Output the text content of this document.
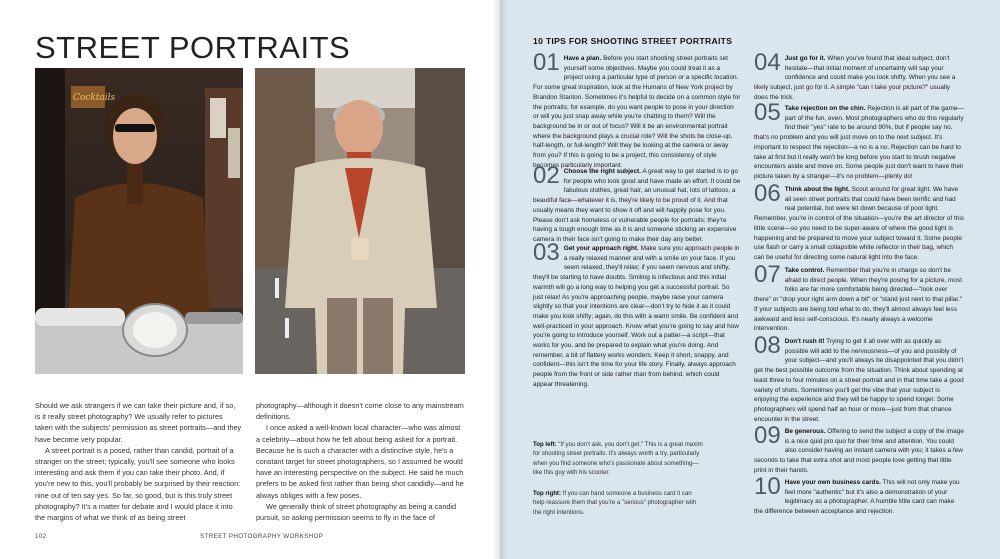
STREET PORTRAITS
Cocktails

Should we ask strangers if we can take their picture and, if so, is it really street photography? We usually refer to pictures taken with the subjects' permission as street portraits—and they have become very popular.

A street portrait is a posed, rather than candid, portrait of a stranger on the street; typically, you'll see someone who looks interesting and ask them if you can take their photo. And, if you're new to this, you'll probably be surprised by their reaction: nine out of ten say yes. So far, so good, but is this truly street photography? It's a matter for debate and I would place it into the margins of what we think of as being street

photography—although it doesn't come close to any mainstream definitions.

I once asked a well-known local character—who was almost a celebrity—about how he felt about being asked for a portrait. Because he is such a character with a distinctive style, he's a constant target for street photographers, so I assumed he would have an interesting perspective on the subject. He said he much prefers to be asked first rather than being shot candidly—and he always obliges with a few poses.

We generally think of street photography as being a candid pursuit, so asking permission seems to fly in the face of

102	STREET PHOTOGRAPHY WORKSHOP
10 TIPS FOR SHOOTING STREET PORTRAITS
01 Have a plan. Before you start shooting street portraits set yourself some objectives. Maybe you could treat it as a project using a particular type of person or a specific location. For some great inspiration, look at the Humans of New York project by Brandon Stanton. Sometimes it's helpful to decide on a common style for the portraits; for example, do you want people to pose in your direction or will you just snap away while you're chatting to them? Will the background be in or out of focus? Will it be an environmental portrait where the background plays a crucial role? Will the shots be close-up, half-length, or full-length? Will they be looking at the camera or away from you? If this is going to be a project, this consistency of style becomes particularly important.
02 Choose the right subject. A great way to get started is to go for people who look good and have made an effort. It could be fabulous clothes, great hair, an unusual hat, lots of tattoos, a beautiful face—whatever it is, they're likely to be proud of it. And that usually means they want to show it off and will happily pose for you. Please don't ask homeless or vulnerable people for portraits; they're having a tough enough time as it is and someone sticking an expensive camera in their face isn't going to make their day any better.
03 Get your approach right. Make sure you approach people in a really relaxed manner and with a smile on your face. If you seem relaxed, they'll relax; if you seem nervous and shifty, they'll be starting to have doubts. Smiling is infectious and this initial warmth will go a long way to helping you get a successful portrait. So just relax! As you're approaching people, maybe raise your camera slightly so that your intentions are clear—don't try to hide it as it could make you look shifty; again, do this with a warm smile. Be confident and well-practiced in your approach. Know what you're going to say and how you're going to introduce yourself. Work out a patter—a script—that works for you, and be prepared to explain what you're doing. And remember, a bit of flattery works wonders. Keep it short, snappy, and confident—this isn't the time for your life story. Finally, always approach people from the front or side rather than from behind, which could appear threatening.
Top left: "If you don't ask, you don't get." This is a great maxim for shooting street portraits. It's always worth a try, particularly when you find someone who's passionate about something—like this guy with his scooter.
Top right: If you can hand someone a business card it can help reassure them that you're a "serious" photographer with the right intentions.
04 Just go for it. When you've found that ideal subject, don't hesitate—that initial moment of uncertainty will sap your confidence and could make you look shifty. When you see a likely subject, just go for it. A simple "can I take your picture?" usually does the trick.
05 Take rejection on the chin. Rejection is all part of the game—part of the fun, even. Most photographers who do this regularly find their "yes" rate to be around 90%, but if people say no, that's no problem and you will just move on to the next subject. It's important to respect the rejection—a no is a no. Rejection can be hard to take at first but it really won't be long before you start to brush negative encounters aside and move on. Some people just don't want to have their picture taken by a stranger—it's no problem—plenty do!
06 Think about the light. Scout around for great light. We have all seen street portraits that could have been terrific and had real potential, but were let down because of poor light. Remember, you're in control of the situation—you're the art director of this little scene—so you need to be super-aware of where the good light is happening and be prepared to move your subject toward it. Some people use flash or carry a small collapsible white reflector in their bag, which can be useful for directing some natural light into the face.
07 Take control. Remember that you're in charge so don't be afraid to direct people. When they're posing for a picture, most folks are far more comfortable being directed—"look over there" or "drop your right arm down a bit" or "stand just next to that pillar." If your subjects are being told what to do, they'll almost always feel less awkward and less self-conscious. It's nearly always a welcome intervention.
08 Don't rush it! Trying to get it all over with as quickly as possible will add to the nervousness—of you and possibly of your subject—and you'll always be disappointed that you didn't get the best possible outcome from the situation. Think about spending at least three to four minutes on a street portrait and in that time take a good variety of shots. Sometimes you'll get the vibe that your subject is enjoying the experience and they will be happy to spend longer. Some photographers will spend half an hour or more—just from that chance encounter in the street.
09 Be generous. Offering to send the subject a copy of the image is a nice quid pro quo for their time and attention. You could also consider having an instant camera with you; it takes a few seconds to take that extra shot and most people love getting that little print in their hands.
10 Have your own business cards. This will not only make you feel more "authentic" but it's also a demonstration of your legitimacy as a photographer. A humble little card can make the difference between acceptance and rejection.
